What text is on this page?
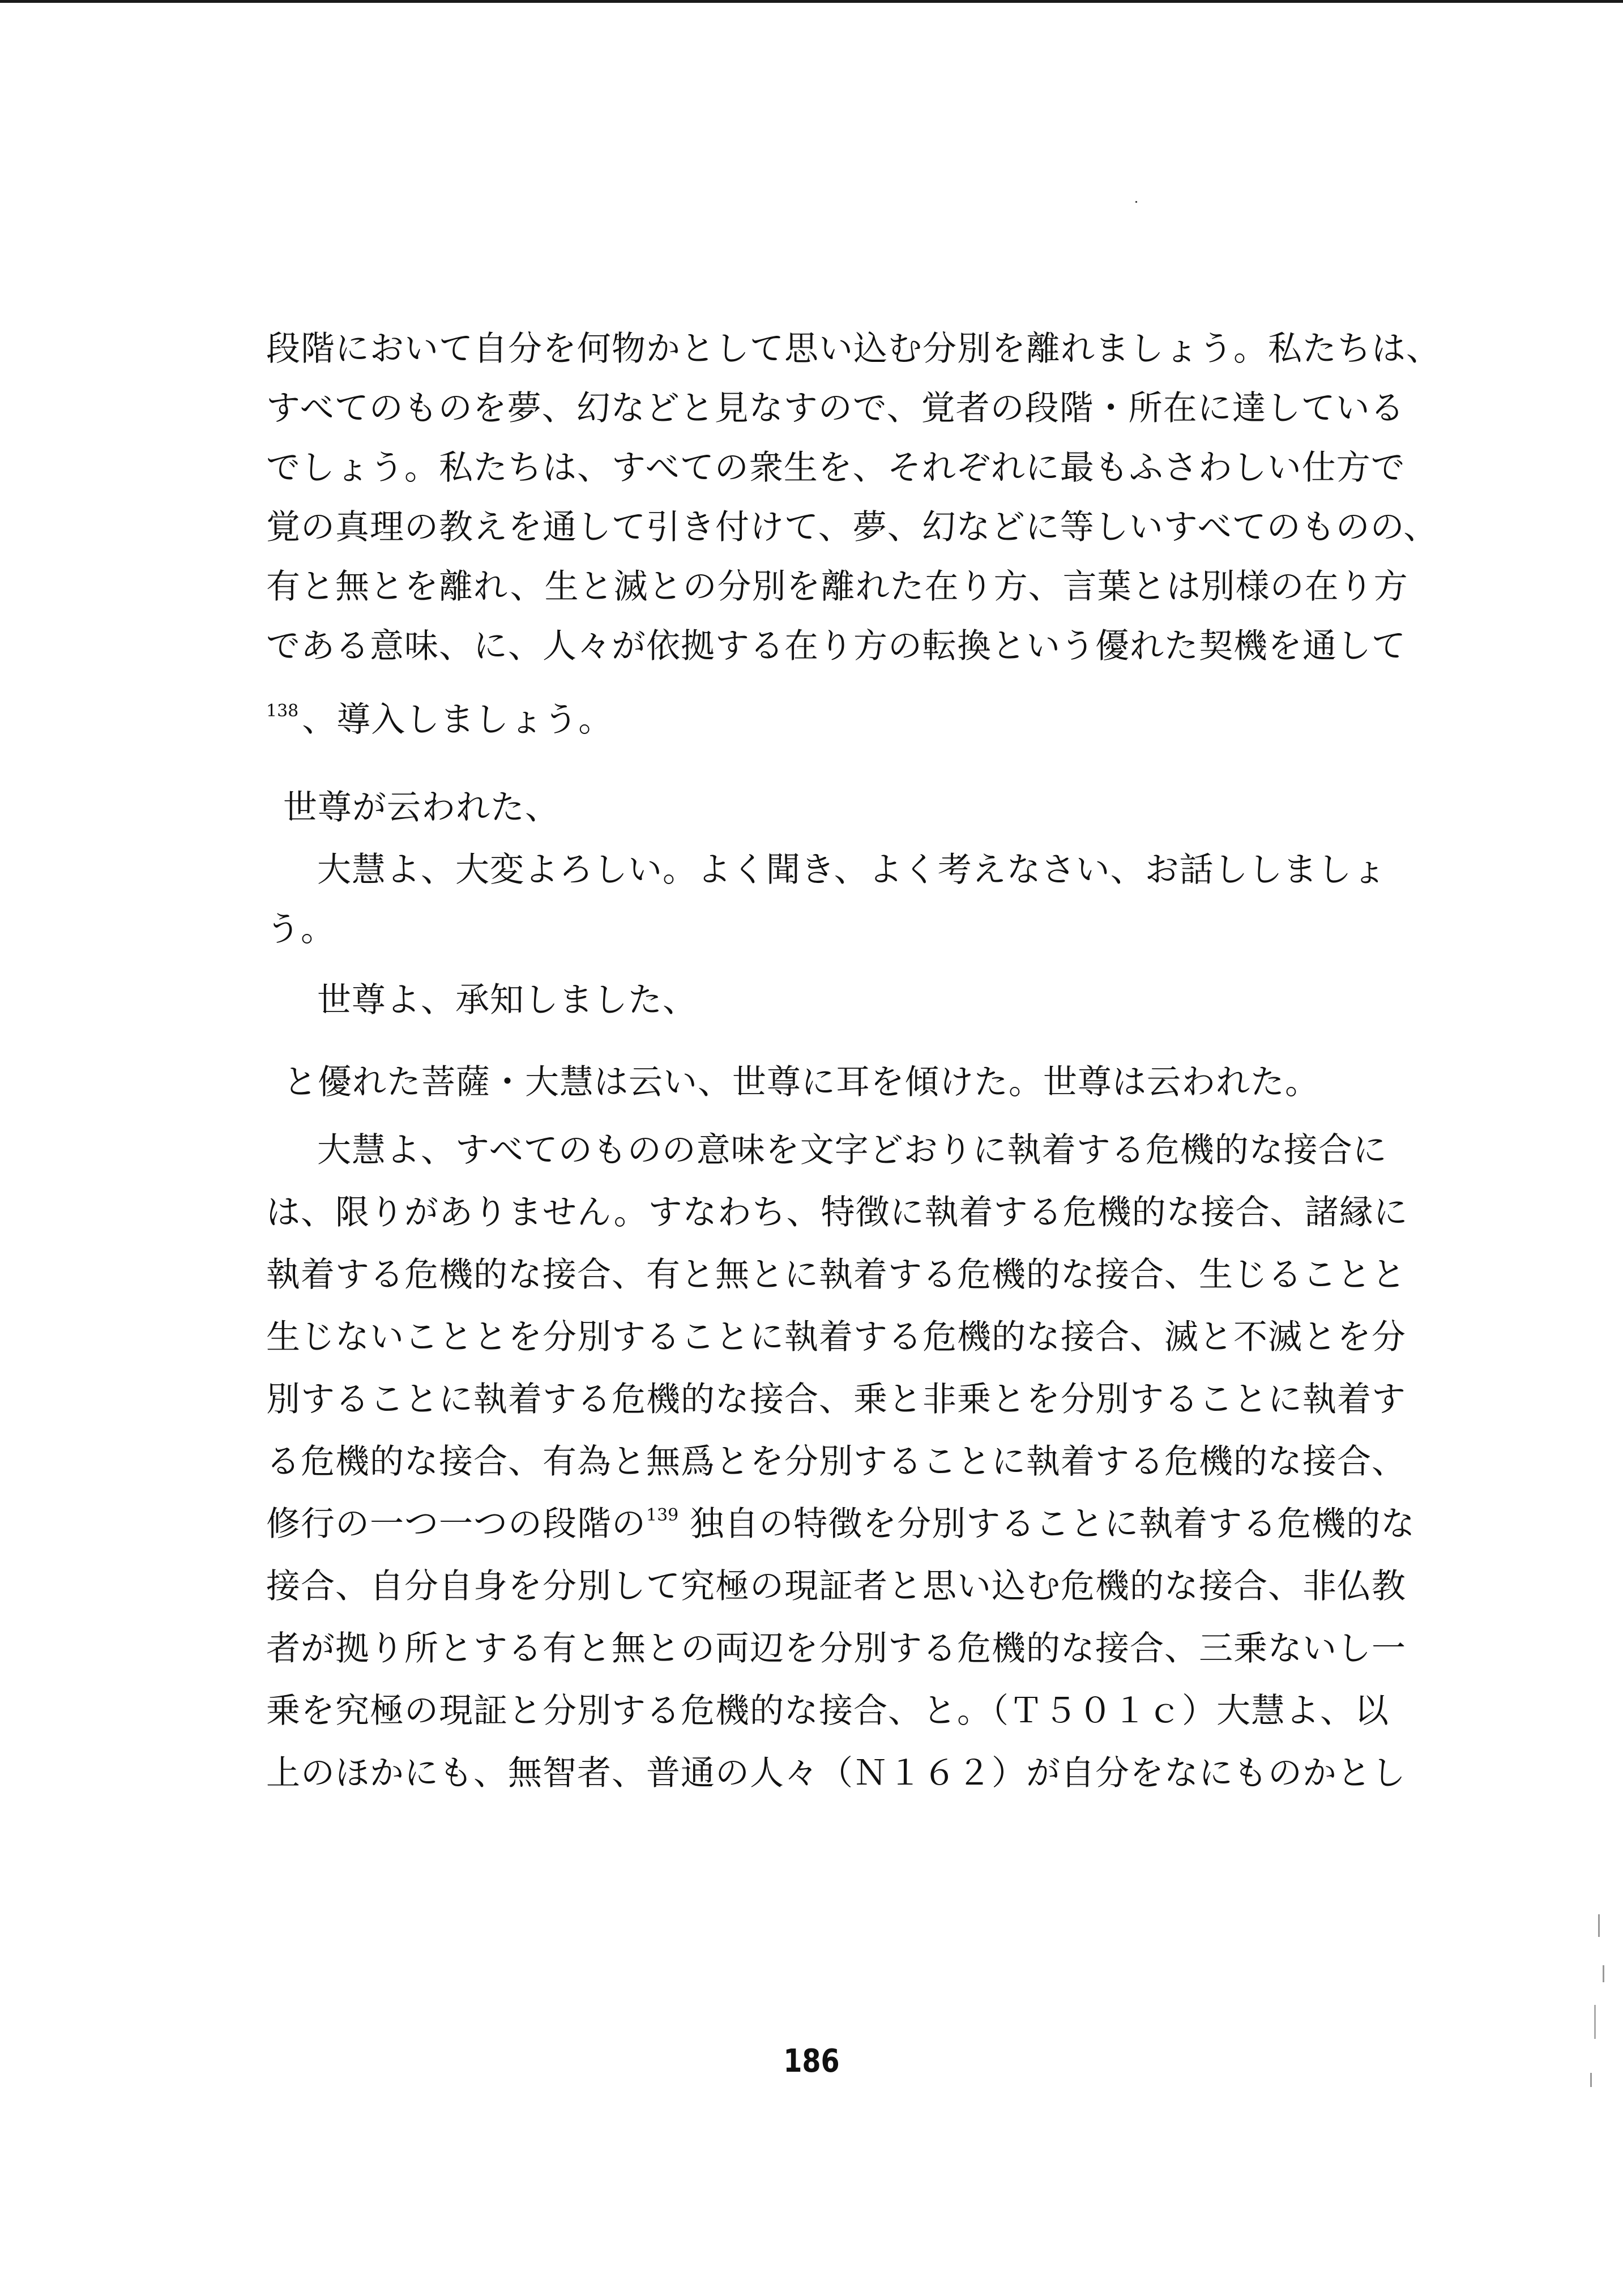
段階において自分を何物かとして思い込む分別を離れましょう。私たちは、
すべてのものを夢、幻などと見なすので、覚者の段階・所在に達している
でしょう。私たちは、すべての衆生を、それぞれに最もふさわしい仕方で
覚の真理の教えを通して引き付けて、夢、幻などに等しいすべてのものの、
有と無とを離れ、生と滅との分別を離れた在り方、言葉とは別様の在り方
である意味、に、人々が依拠する在り方の転換という優れた契機を通して
$^{138}$ 、導入しましょう。
世尊が云われた、
大慧よ、大変よろしい。よく聞き、よく考えなさい、お話ししましょ
う。
世尊よ、承知しました、
と優れた菩薩・大慧は云い、世尊に耳を傾けた。世尊は云われた。
大慧よ、すべてのものの意味を文字どおりに執着する危機的な接合に
は、限りがありません。すなわち、特徴に執着する危機的な接合、諸縁に
執着する危機的な接合、有と無とに執着する危機的な接合、生じることと
生じないこととを分別することに執着する危機的な接合、滅と不滅とを分
別することに執着する危機的な接合、乗と非乗とを分別することに執着す
る危機的な接合、有為と無爲とを分別することに執着する危機的な接合、
修行の一つ一つの段階の$^{139}$ 独自の特徴を分別することに執着する危機的な
接合、自分自身を分別して究極の現証者と思い込む危機的な接合、非仏教
者が拠り所とする有と無との両辺を分別する危機的な接合、三乗ないし一
乗を究極の現証と分別する危機的な接合、と。（Ｔ５０１ｃ）大慧よ、以
上のほかにも、無智者、普通の人々（Ｎ１６２）が自分をなにものかとし
186
